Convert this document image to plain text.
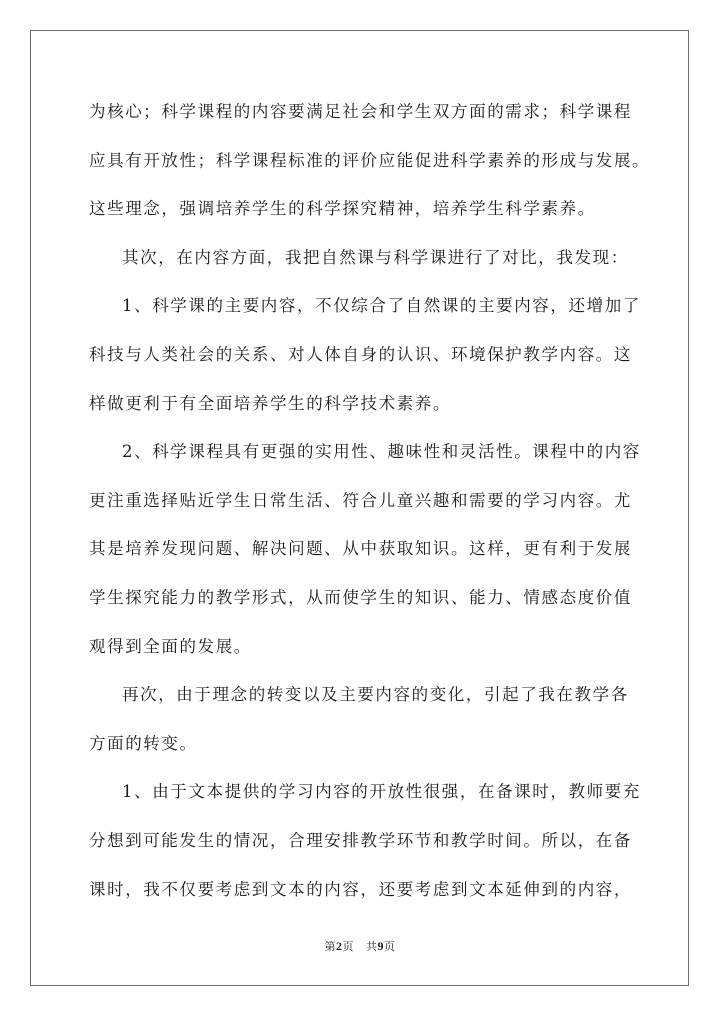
为核心；科学课程的内容要满足社会和学生双方面的需求；科学课程
应具有开放性；科学课程标准的评价应能促进科学素养的形成与发展。
这些理念，强调培养学生的科学探究精神，培养学生科学素养。
其次，在内容方面，我把自然课与科学课进行了对比，我发现：
1、科学课的主要内容，不仅综合了自然课的主要内容，还增加了
科技与人类社会的关系、对人体自身的认识、环境保护教学内容。这
样做更利于有全面培养学生的科学技术素养。
2、科学课程具有更强的实用性、趣味性和灵活性。课程中的内容
更注重选择贴近学生日常生活、符合儿童兴趣和需要的学习内容。尤
其是培养发现问题、解决问题、从中获取知识。这样，更有利于发展
学生探究能力的教学形式，从而使学生的知识、能力、情感态度价值
观得到全面的发展。
再次，由于理念的转变以及主要内容的变化，引起了我在教学各
方面的转变。
1、由于文本提供的学习内容的开放性很强，在备课时，教师要充
分想到可能发生的情况，合理安排教学环节和教学时间。所以，在备
课时，我不仅要考虑到文本的内容，还要考虑到文本延伸到的内容，
第2页 共9页
